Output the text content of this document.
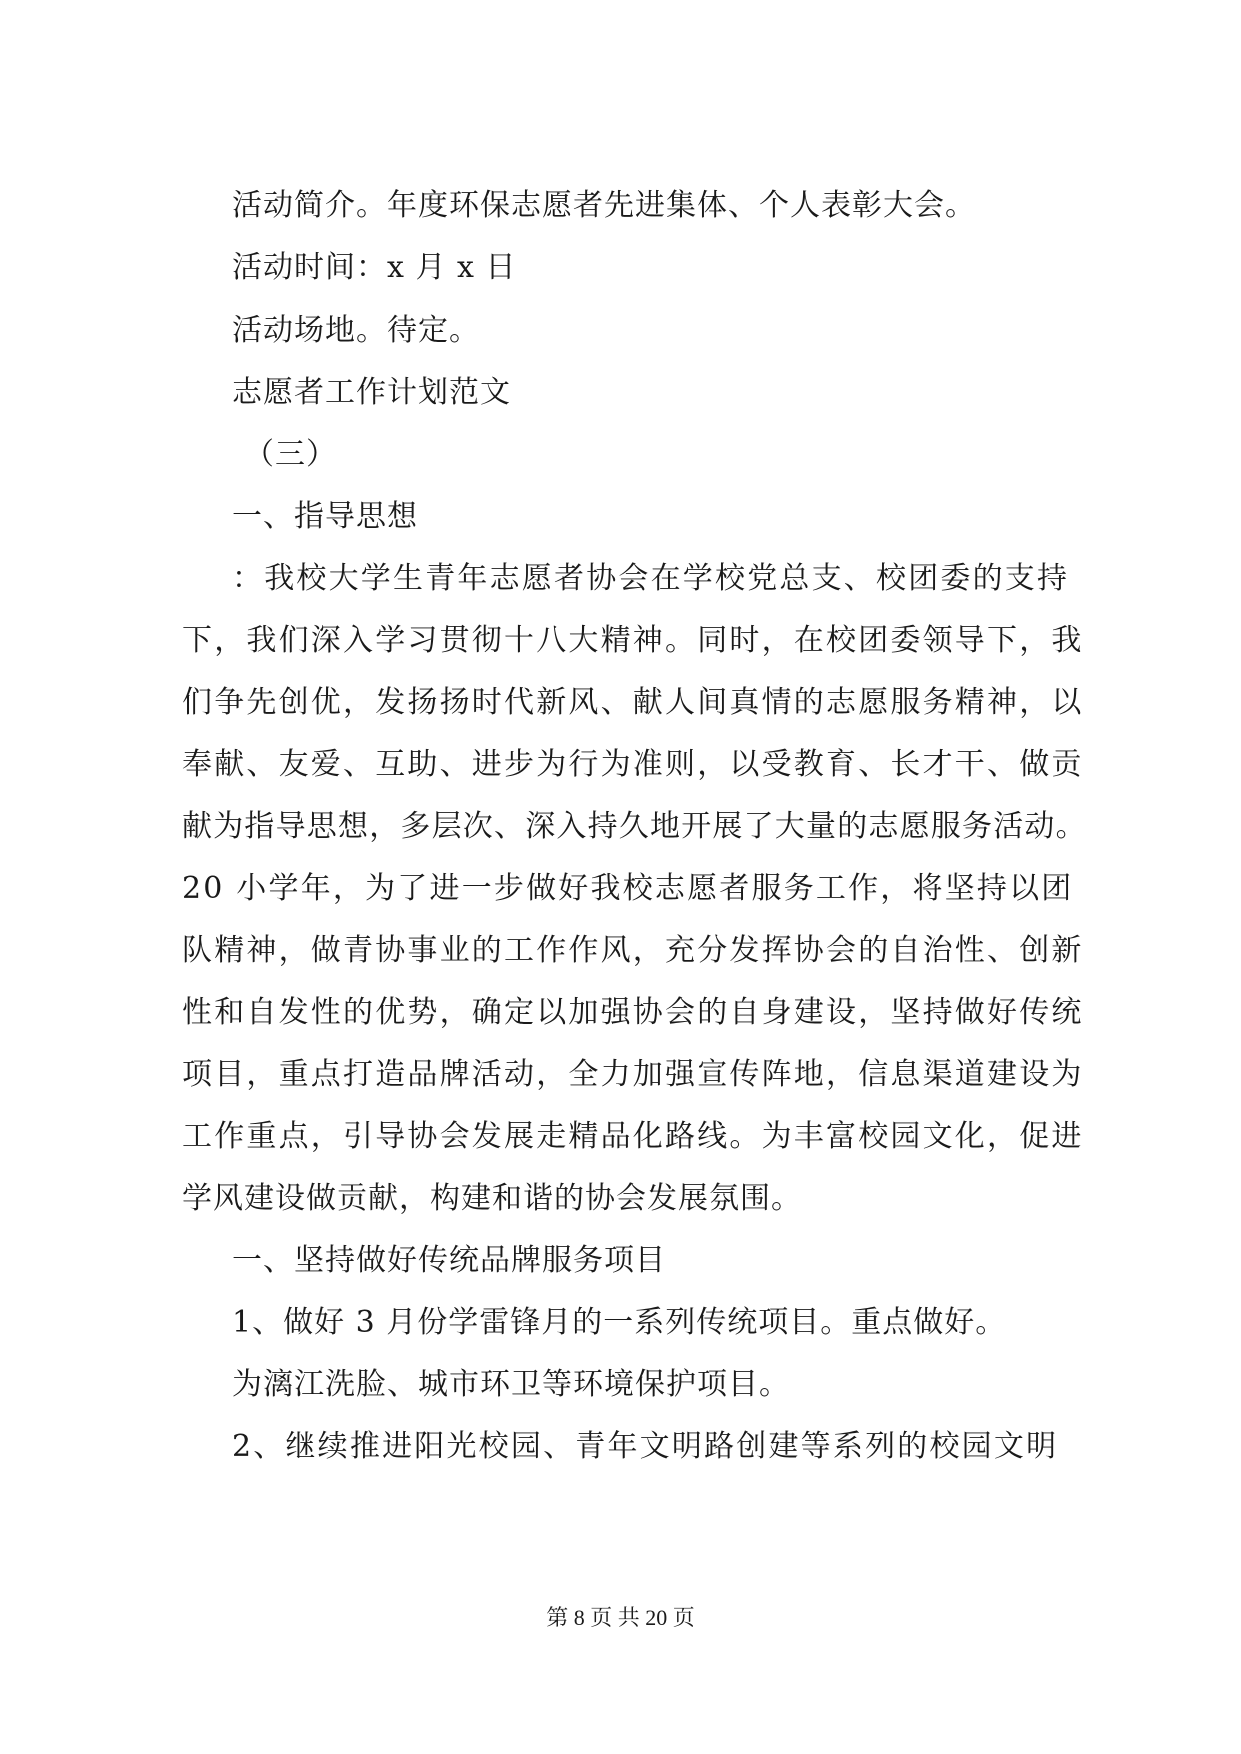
活动简介。年度环保志愿者先进集体、个人表彰大会。
活动时间：x 月 x 日
活动场地。待定。
志愿者工作计划范文
（三）
一、指导思想
：我校大学生青年志愿者协会在学校党总支、校团委的支持
下，我们深入学习贯彻十八大精神。同时，在校团委领导下，我
们争先创优，发扬扬时代新风、献人间真情的志愿服务精神，以
奉献、友爱、互助、进步为行为准则，以受教育、长才干、做贡
献为指导思想，多层次、深入持久地开展了大量的志愿服务活动。
20 小学年，为了进一步做好我校志愿者服务工作，将坚持以团
队精神，做青协事业的工作作风，充分发挥协会的自治性、创新
性和自发性的优势，确定以加强协会的自身建设，坚持做好传统
项目，重点打造品牌活动，全力加强宣传阵地，信息渠道建设为
工作重点，引导协会发展走精品化路线。为丰富校园文化，促进
学风建设做贡献，构建和谐的协会发展氛围。
一、坚持做好传统品牌服务项目
1、做好 3 月份学雷锋月的一系列传统项目。重点做好。
为漓江洗脸、城市环卫等环境保护项目。
2、继续推进阳光校园、青年文明路创建等系列的校园文明
第 8 页 共 20 页
